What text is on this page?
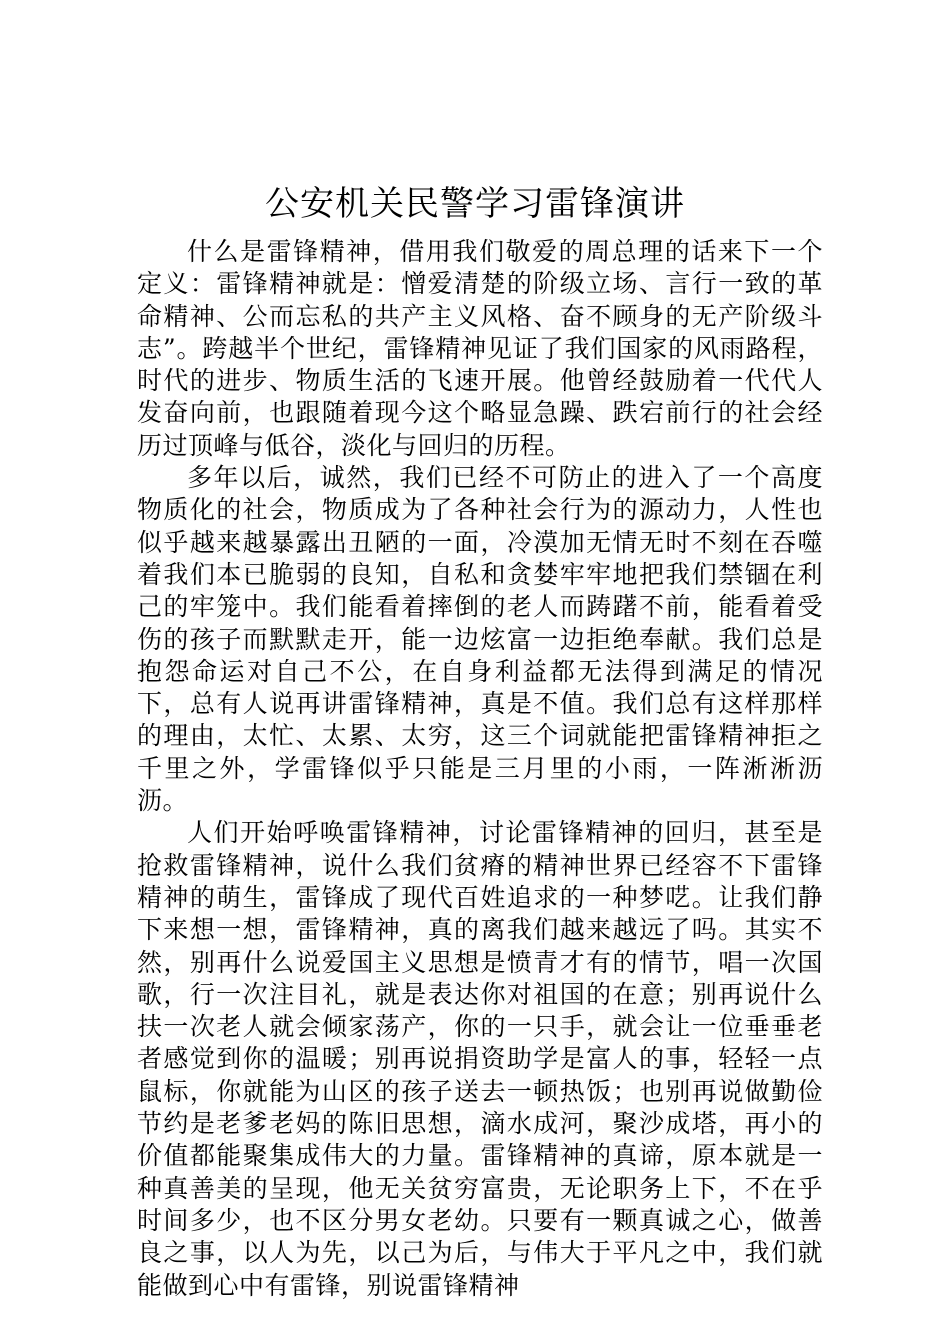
公安机关民警学习雷锋演讲

什么是雷锋精神，借用我们敬爱的周总理的话来下一个定义：雷锋精神就是：憎爱清楚的阶级立场、言行一致的革命精神、公而忘私的共产主义风格、奋不顾身的无产阶级斗志”。跨越半个世纪，雷锋精神见证了我们国家的风雨路程，时代的进步、物质生活的飞速开展。他曾经鼓励着一代代人发奋向前，也跟随着现今这个略显急躁、跌宕前行的社会经历过顶峰与低谷，淡化与回归的历程。

多年以后，诚然，我们已经不可防止的进入了一个高度物质化的社会，物质成为了各种社会行为的源动力，人性也似乎越来越暴露出丑陋的一面，冷漠加无情无时不刻在吞噬着我们本已脆弱的良知，自私和贪婪牢牢地把我们禁锢在利己的牢笼中。我们能看着摔倒的老人而踌躇不前，能看着受伤的孩子而默默走开，能一边炫富一边拒绝奉献。我们总是抱怨命运对自己不公，在自身利益都无法得到满足的情况下，总有人说再讲雷锋精神，真是不值。我们总有这样那样的理由，太忙、太累、太穷，这三个词就能把雷锋精神拒之千里之外，学雷锋似乎只能是三月里的小雨，一阵淅淅沥沥。

人们开始呼唤雷锋精神，讨论雷锋精神的回归，甚至是抢救雷锋精神，说什么我们贫瘠的精神世界已经容不下雷锋精神的萌生，雷锋成了现代百姓追求的一种梦呓。让我们静下来想一想，雷锋精神，真的离我们越来越远了吗。其实不然，别再什么说爱国主义思想是愤青才有的情节，唱一次国歌，行一次注目礼，就是表达你对祖国的在意；别再说什么扶一次老人就会倾家荡产，你的一只手，就会让一位垂垂老者感觉到你的温暖；别再说捐资助学是富人的事，轻轻一点鼠标，你就能为山区的孩子送去一顿热饭；也别再说做勤俭节约是老爹老妈的陈旧思想，滴水成河，聚沙成塔，再小的价值都能聚集成伟大的力量。雷锋精神的真谛，原本就是一种真善美的呈现，他无关贫穷富贵，无论职务上下，不在乎时间多少，也不区分男女老幼。只要有一颗真诚之心，做善良之事，以人为先，以己为后，与伟大于平凡之中，我们就能做到心中有雷锋，别说雷锋精神
